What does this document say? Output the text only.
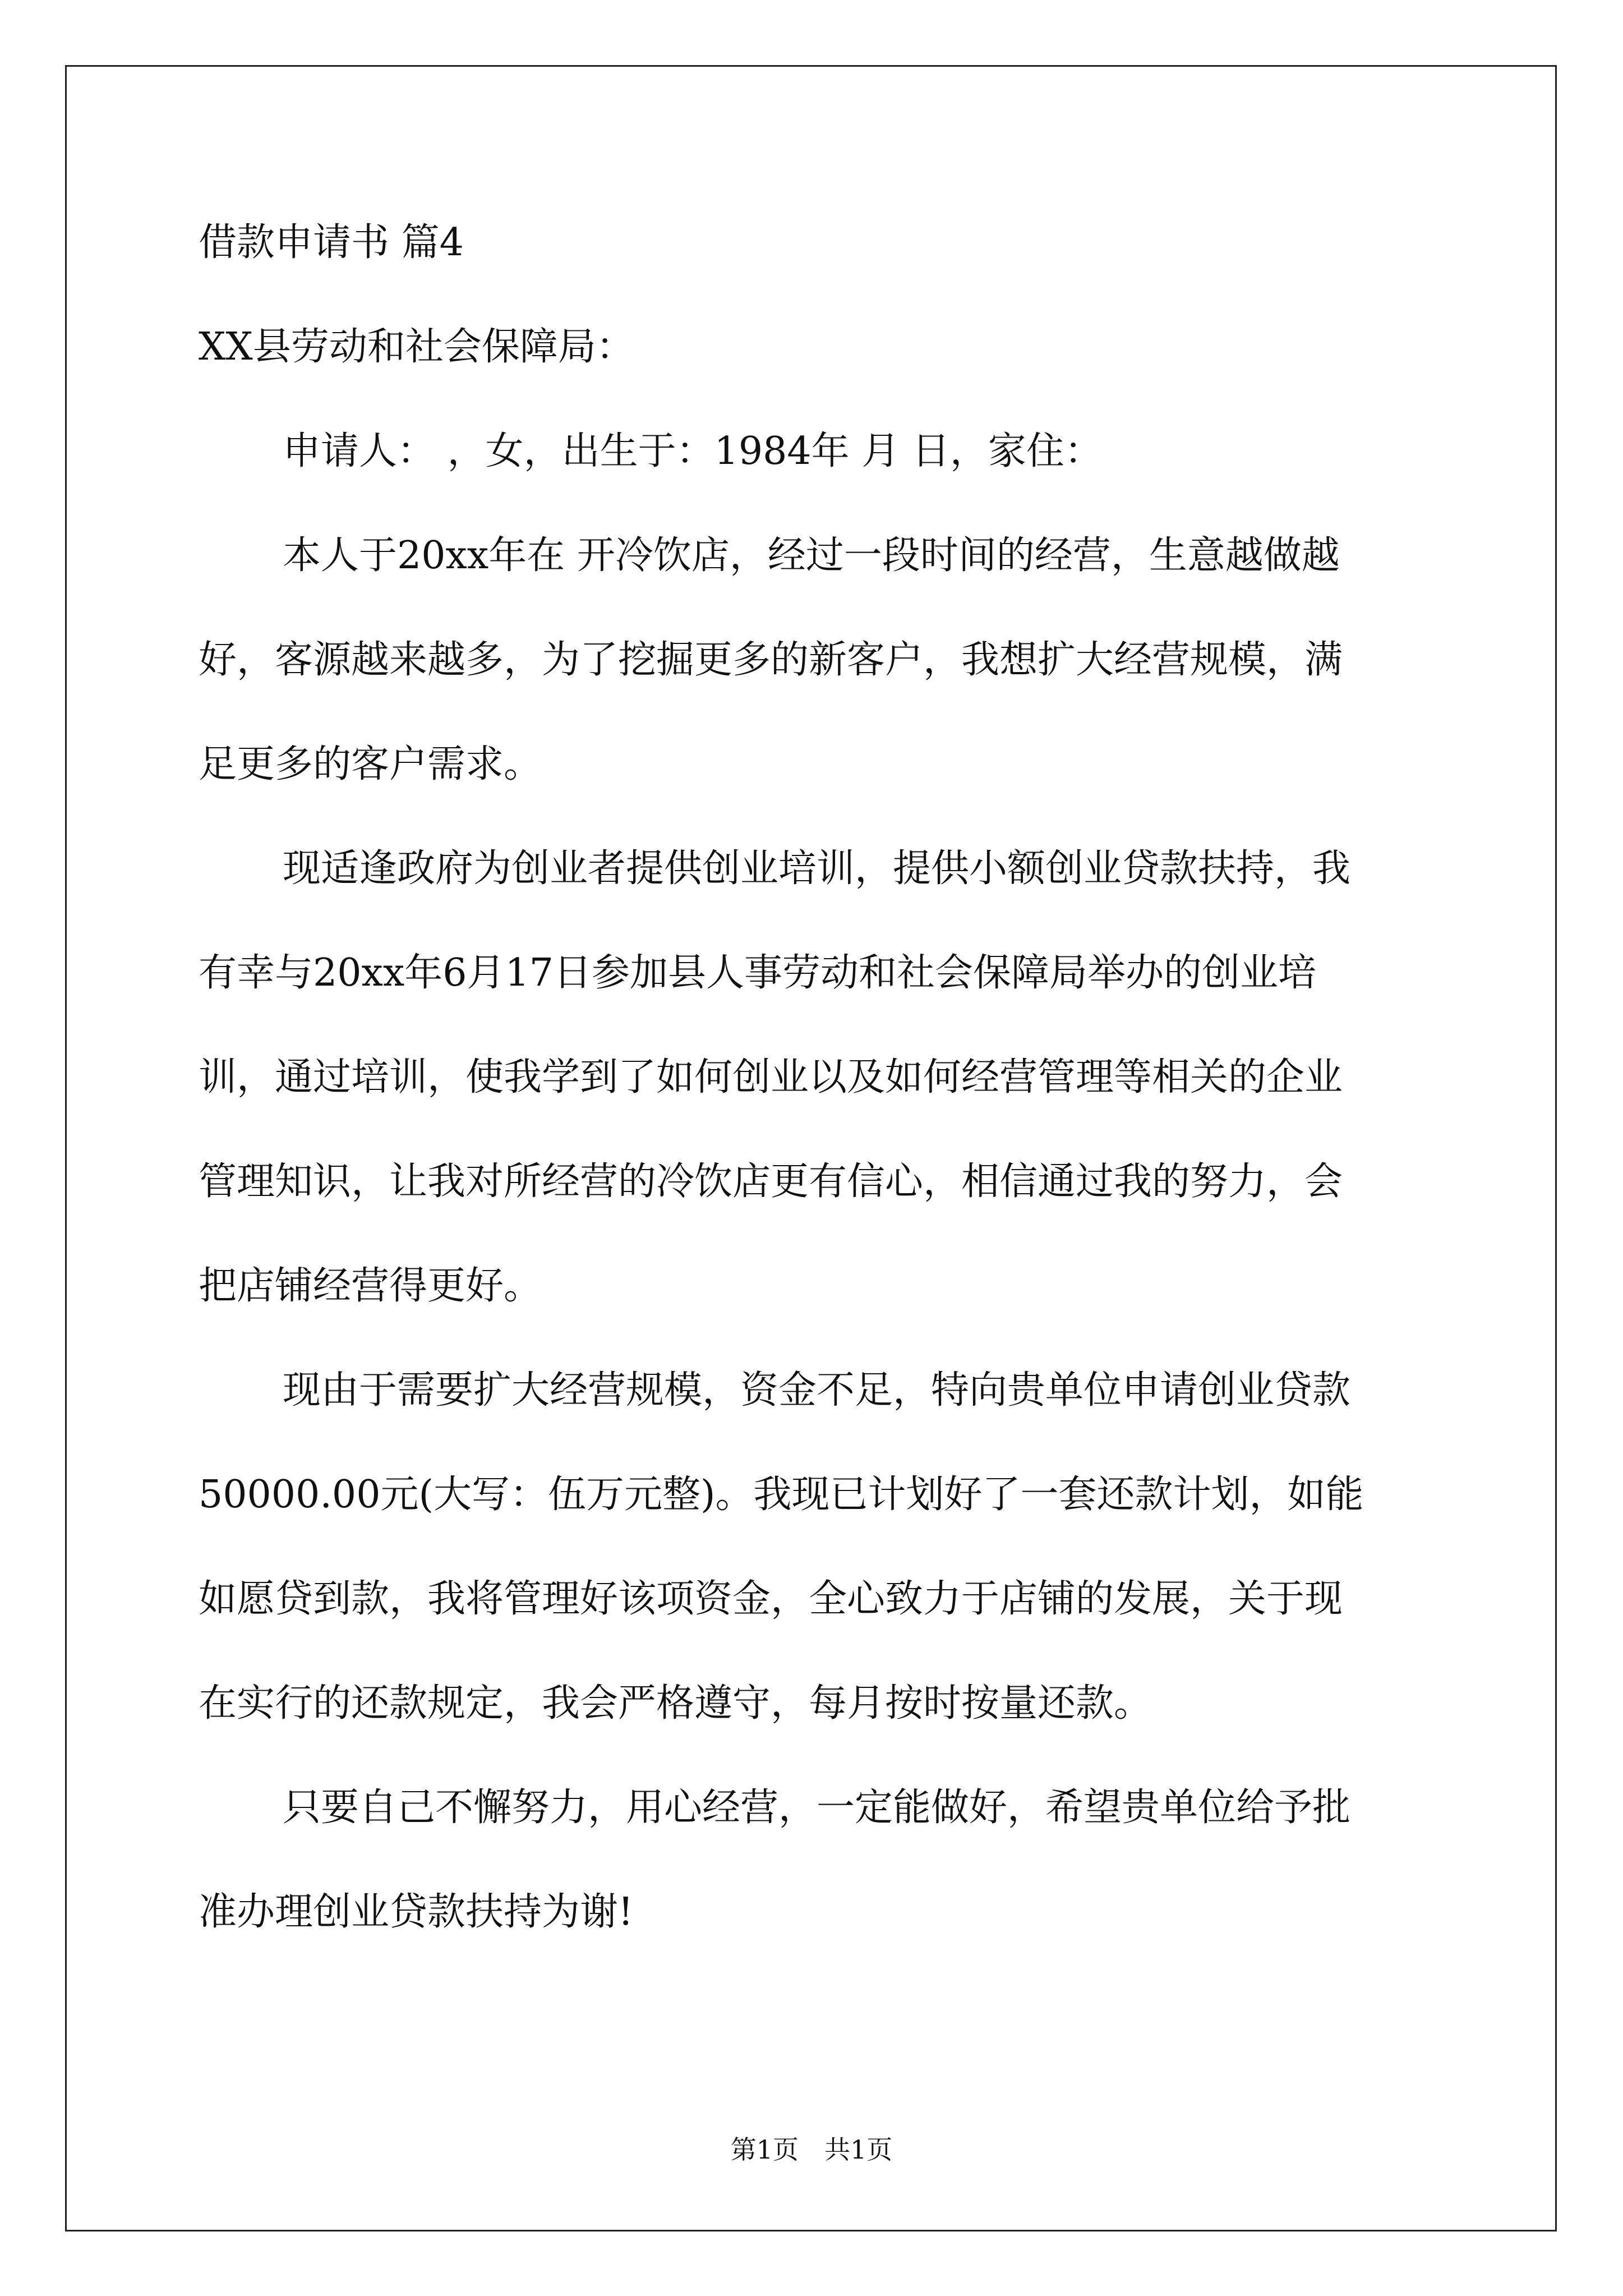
借款申请书 篇4

XX县劳动和社会保障局：

申请人： ，女，出生于：1984年 月 日，家住：
本人于20xx年在 开冷饮店，经过一段时间的经营，生意越做越
好，客源越来越多，为了挖掘更多的新客户，我想扩大经营规模，满
足更多的客户需求。
现适逢政府为创业者提供创业培训，提供小额创业贷款扶持，我
有幸与20xx年6月17日参加县人事劳动和社会保障局举办的创业培
训，通过培训，使我学到了如何创业以及如何经营管理等相关的企业
管理知识，让我对所经营的冷饮店更有信心，相信通过我的努力，会
把店铺经营得更好。
现由于需要扩大经营规模，资金不足，特向贵单位申请创业贷款
50000.00元(大写：伍万元整)。我现已计划好了一套还款计划，如能
如愿贷到款，我将管理好该项资金，全心致力于店铺的发展，关于现
在实行的还款规定，我会严格遵守，每月按时按量还款。
只要自己不懈努力，用心经营，一定能做好，希望贵单位给予批
准办理创业贷款扶持为谢!
第1页　共1页
